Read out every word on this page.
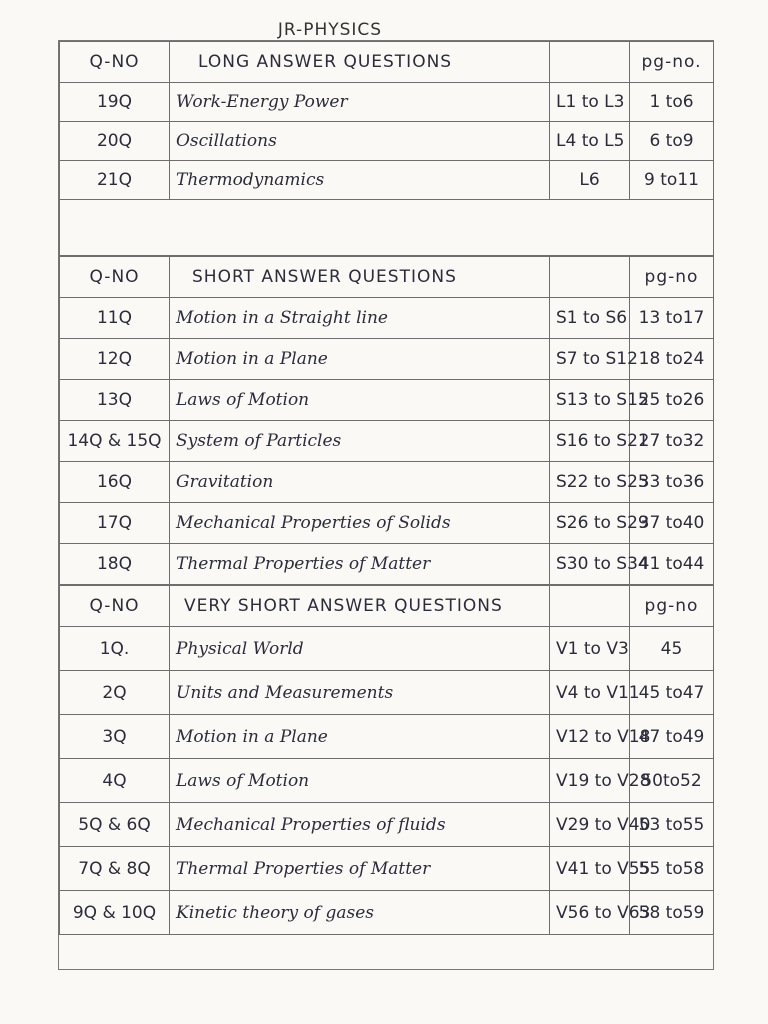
JR-PHYSICS
Q-NO	LONG ANSWER QUESTIONS		pg-no.
19Q	Work-Energy Power	L1 to L3	1 to6
20Q	Oscillations	L4 to L5	6 to9
21Q	Thermodynamics	L6	9 to11

Q-NO	SHORT ANSWER QUESTIONS		pg-no
11Q	Motion in a Straight line	S1 to S6	13 to17
12Q	Motion in a Plane	S7 to S12	18 to24
13Q	Laws of Motion	S13 to S15	25 to26
14Q & 15Q	System of Particles	S16 to S21	27 to32
16Q	Gravitation	S22 to S25	33 to36
17Q	Mechanical Properties of Solids	S26 to S29	37 to40
18Q	Thermal Properties of Matter	S30 to S34	41 to44
Q-NO	VERY SHORT ANSWER QUESTIONS		pg-no
1Q.	Physical World	V1 to V3	45
2Q	Units and Measurements	V4 to V11	45 to47
3Q	Motion in a Plane	V12 to V18	47 to49
4Q	Laws of Motion	V19 to V28	50to52
5Q & 6Q	Mechanical Properties of fluids	V29 to V40	53 to55
7Q & 8Q	Thermal Properties of Matter	V41 to V55	55 to58
9Q & 10Q	Kinetic theory of gases	V56 to V63	58 to59
